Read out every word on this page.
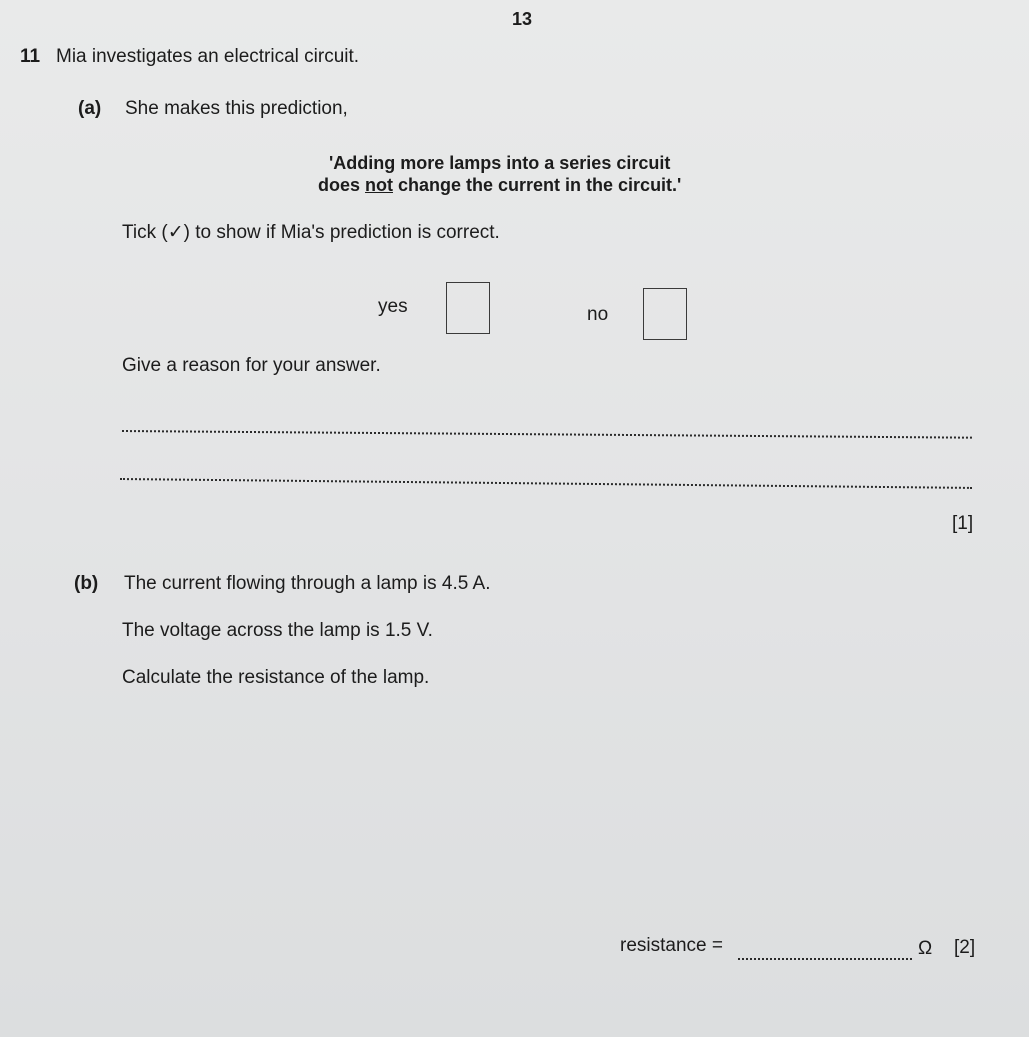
13
11 Mia investigates an electrical circuit.
(a) She makes this prediction,
'Adding more lamps into a series circuit
does not change the current in the circuit.'
Tick (✓) to show if Mia's prediction is correct.
yes	no
Give a reason for your answer.
[1]
(b) The current flowing through a lamp is 4.5 A.
The voltage across the lamp is 1.5 V.
Calculate the resistance of the lamp.
resistance =	Ω [2]
